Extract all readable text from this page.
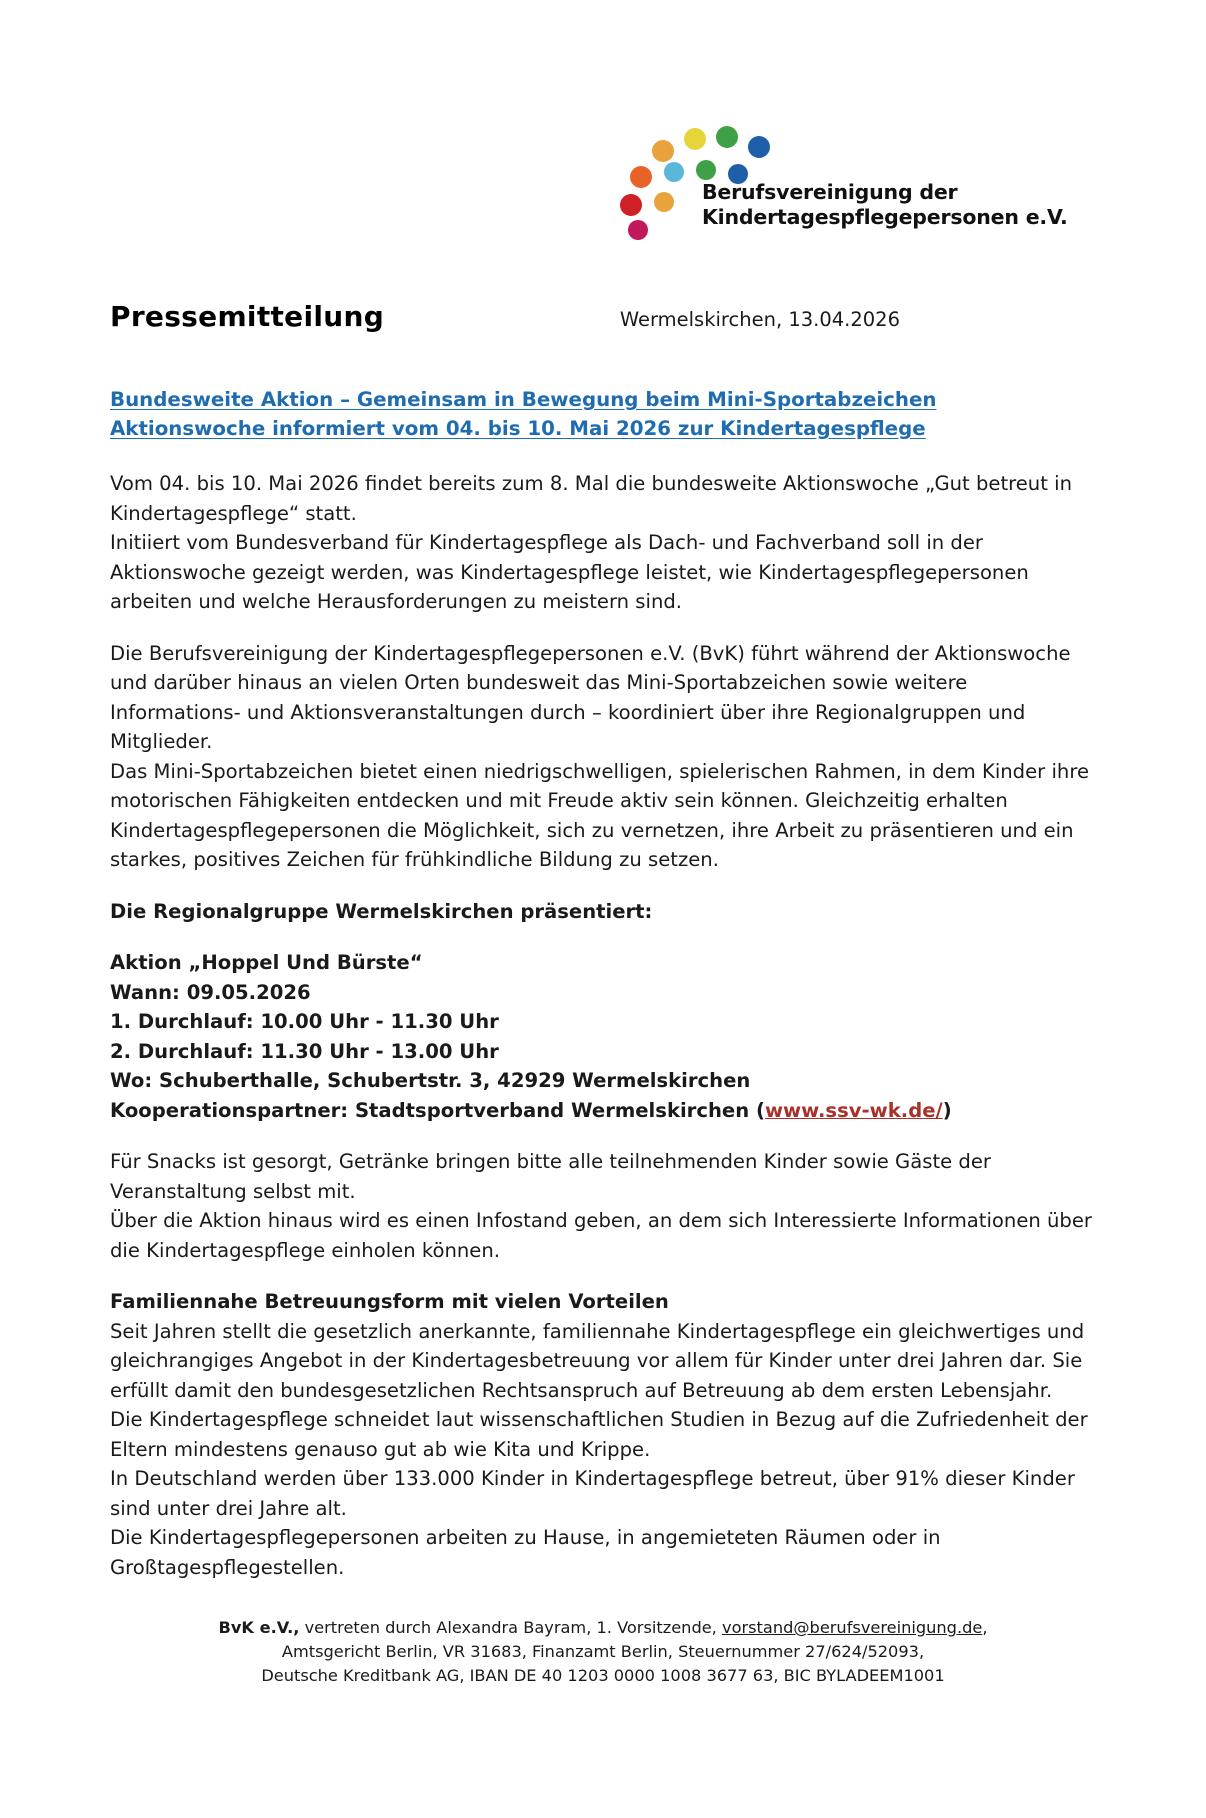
Berufsvereinigung der
Kindertagespflegepersonen e.V.
Pressemitteilung	Wermelskirchen, 13.04.2026
Bundesweite Aktion – Gemeinsam in Bewegung beim Mini-Sportabzeichen
Aktionswoche informiert vom 04. bis 10. Mai 2026 zur Kindertagespflege

Vom 04. bis 10. Mai 2026 findet bereits zum 8. Mal die bundesweite Aktionswoche „Gut betreut in Kindertagespflege“ statt.

Initiiert vom Bundesverband für Kindertagespflege als Dach- und Fachverband soll in der Aktionswoche gezeigt werden, was Kindertagespflege leistet, wie Kindertagespflegepersonen arbeiten und welche Herausforderungen zu meistern sind.

Die Berufsvereinigung der Kindertagespflegepersonen e.V. (BvK) führt während der Aktionswoche und darüber hinaus an vielen Orten bundesweit das Mini-Sportabzeichen sowie weitere Informations- und Aktionsveranstaltungen durch – koordiniert über ihre Regionalgruppen und Mitglieder.

Das Mini-Sportabzeichen bietet einen niedrigschwelligen, spielerischen Rahmen, in dem Kinder ihre motorischen Fähigkeiten entdecken und mit Freude aktiv sein können. Gleichzeitig erhalten Kindertagespflegepersonen die Möglichkeit, sich zu vernetzen, ihre Arbeit zu präsentieren und ein starkes, positives Zeichen für frühkindliche Bildung zu setzen.

Die Regionalgruppe Wermelskirchen präsentiert:

Aktion „Hoppel Und Bürste“
Wann: 09.05.2026
1. Durchlauf: 10.00 Uhr - 11.30 Uhr
2. Durchlauf: 11.30 Uhr - 13.00 Uhr
Wo: Schuberthalle, Schubertstr. 3, 42929 Wermelskirchen
Kooperationspartner: Stadtsportverband Wermelskirchen (www.ssv-wk.de/)

Für Snacks ist gesorgt, Getränke bringen bitte alle teilnehmenden Kinder sowie Gäste der Veranstaltung selbst mit.

Über die Aktion hinaus wird es einen Infostand geben, an dem sich Interessierte Informationen über die Kindertagespflege einholen können.

Familiennahe Betreuungsform mit vielen Vorteilen

Seit Jahren stellt die gesetzlich anerkannte, familiennahe Kindertagespflege ein gleichwertiges und gleichrangiges Angebot in der Kindertagesbetreuung vor allem für Kinder unter drei Jahren dar. Sie erfüllt damit den bundesgesetzlichen Rechtsanspruch auf Betreuung ab dem ersten Lebensjahr.

Die Kindertagespflege schneidet laut wissenschaftlichen Studien in Bezug auf die Zufriedenheit der Eltern mindestens genauso gut ab wie Kita und Krippe.

In Deutschland werden über 133.000 Kinder in Kindertagespflege betreut, über 91% dieser Kinder sind unter drei Jahre alt.

Die Kindertagespflegepersonen arbeiten zu Hause, in angemieteten Räumen oder in Großtagespflegestellen.

BvK e.V., vertreten durch Alexandra Bayram, 1. Vorsitzende, vorstand@berufsvereinigung.de,
Amtsgericht Berlin, VR 31683, Finanzamt Berlin, Steuernummer 27/624/52093,
Deutsche Kreditbank AG, IBAN DE 40 1203 0000 1008 3677 63, BIC BYLADEEM1001
